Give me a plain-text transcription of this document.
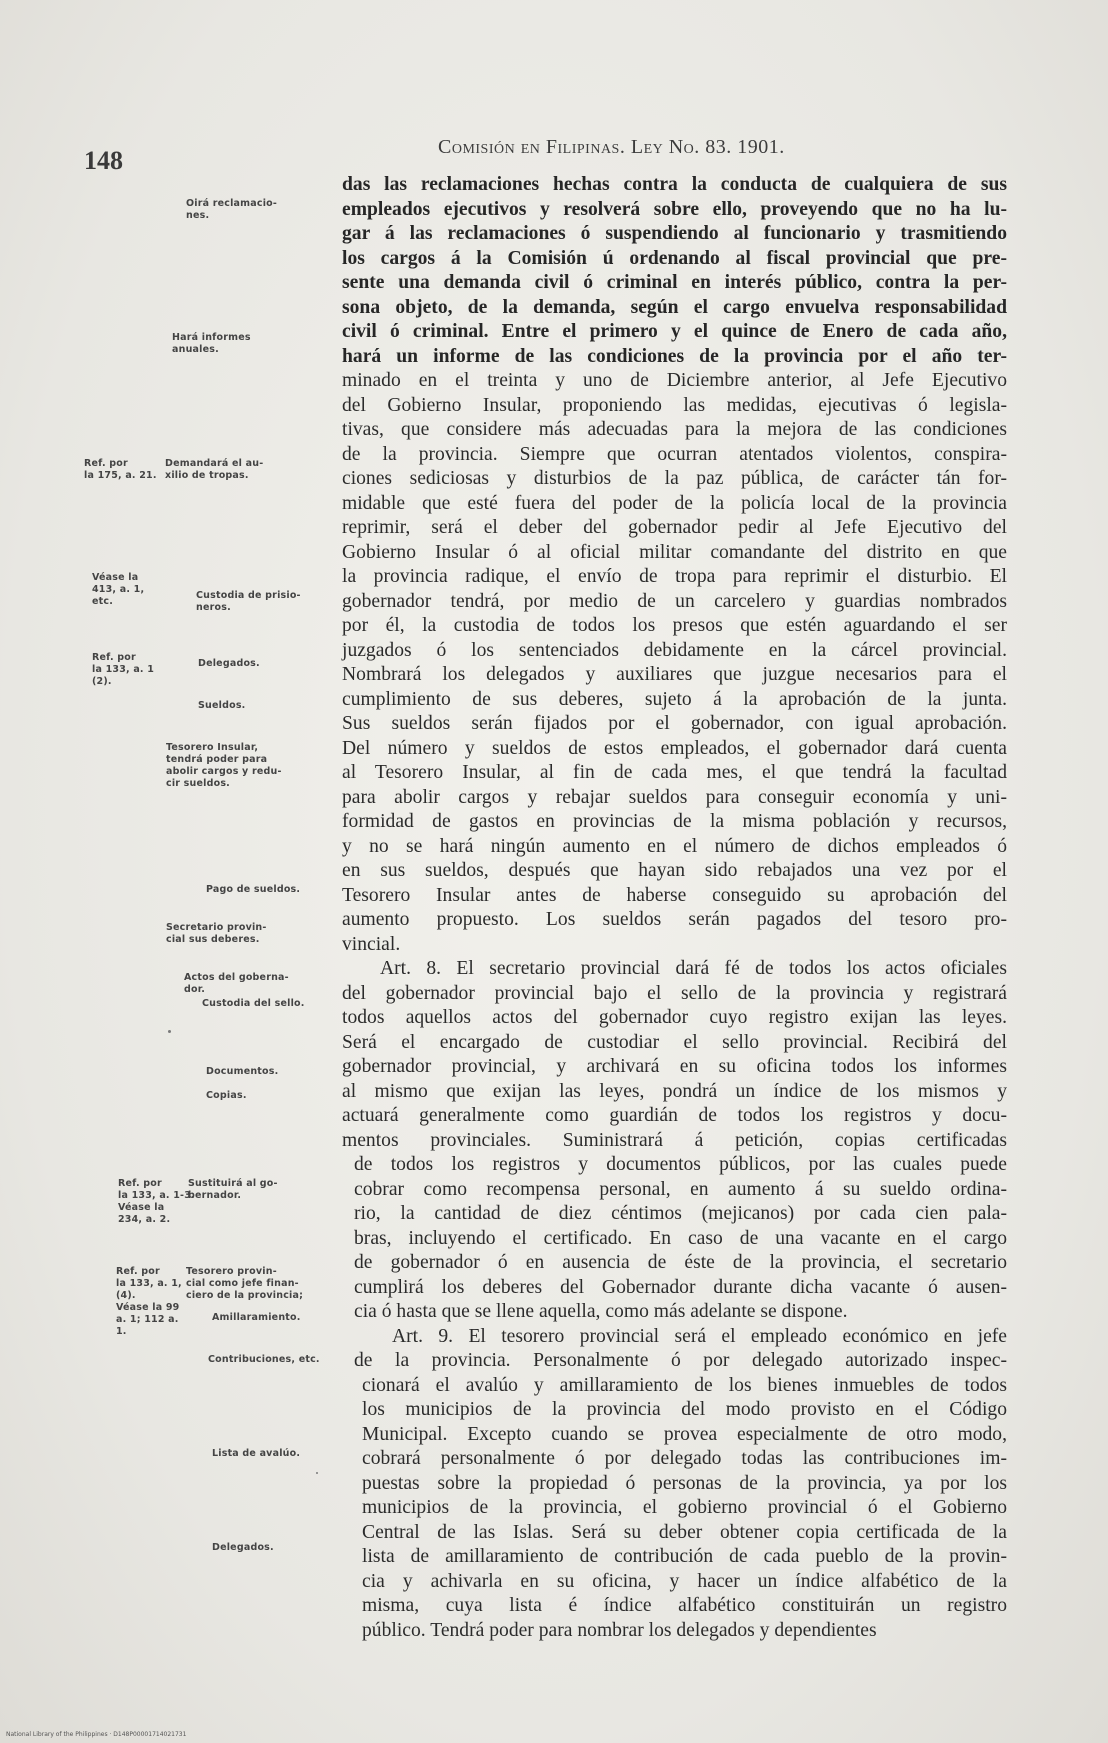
148	Comisión en Filipinas. Ley No. 83. 1901.
das las reclamaciones hechas contra la conducta de cualquiera de sus
empleados ejecutivos y resolverá sobre ello, proveyendo que no ha lu-
gar á las reclamaciones ó suspendiendo al funcionario y trasmitiendo
los cargos á la Comisión ú ordenando al fiscal provincial que pre-
sente una demanda civil ó criminal en interés público, contra la per-
sona objeto, de la demanda, según el cargo envuelva responsabilidad
civil ó criminal. Entre el primero y el quince de Enero de cada año,
hará un informe de las condiciones de la provincia por el año ter-
minado en el treinta y uno de Diciembre anterior, al Jefe Ejecutivo
del Gobierno Insular, proponiendo las medidas, ejecutivas ó legisla-
tivas, que considere más adecuadas para la mejora de las condiciones
de la provincia. Siempre que ocurran atentados violentos, conspira-
ciones sediciosas y disturbios de la paz pública, de carácter tán for-
midable que esté fuera del poder de la policía local de la provincia
reprimir, será el deber del gobernador pedir al Jefe Ejecutivo del
Gobierno Insular ó al oficial militar comandante del distrito en que
la provincia radique, el envío de tropa para reprimir el disturbio. El
gobernador tendrá, por medio de un carcelero y guardias nombrados
por él, la custodia de todos los presos que estén aguardando el ser
juzgados ó los sentenciados debidamente en la cárcel provincial.
Nombrará los delegados y auxiliares que juzgue necesarios para el
cumplimiento de sus deberes, sujeto á la aprobación de la junta.
Sus sueldos serán fijados por el gobernador, con igual aprobación.
Del número y sueldos de estos empleados, el gobernador dará cuenta
al Tesorero Insular, al fin de cada mes, el que tendrá la facultad
para abolir cargos y rebajar sueldos para conseguir economía y uni-
formidad de gastos en provincias de la misma población y recursos,
y no se hará ningún aumento en el número de dichos empleados ó
en sus sueldos, después que hayan sido rebajados una vez por el
Tesorero Insular antes de haberse conseguido su aprobación del
aumento propuesto. Los sueldos serán pagados del tesoro pro-
vincial.
Art. 8. El secretario provincial dará fé de todos los actos oficiales
del gobernador provincial bajo el sello de la provincia y registrará
todos aquellos actos del gobernador cuyo registro exijan las leyes.
Será el encargado de custodiar el sello provincial. Recibirá del
gobernador provincial, y archivará en su oficina todos los informes
al mismo que exijan las leyes, pondrá un índice de los mismos y
actuará generalmente como guardián de todos los registros y docu-
mentos provinciales. Suministrará á petición, copias certificadas
de todos los registros y documentos públicos, por las cuales puede
cobrar como recompensa personal, en aumento á su sueldo ordina-
rio, la cantidad de diez céntimos (mejicanos) por cada cien pala-
bras, incluyendo el certificado. En caso de una vacante en el cargo
de gobernador ó en ausencia de éste de la provincia, el secretario
cumplirá los deberes del Gobernador durante dicha vacante ó ausen-
cia ó hasta que se llene aquella, como más adelante se dispone.
Art. 9. El tesorero provincial será el empleado económico en jefe
de la provincia. Personalmente ó por delegado autorizado inspec-
cionará el avalúo y amillaramiento de los bienes inmuebles de todos
los municipios de la provincia del modo provisto en el Código
Municipal. Excepto cuando se provea especialmente de otro modo,
cobrará personalmente ó por delegado todas las contribuciones im-
puestas sobre la propiedad ó personas de la provincia, ya por los
municipios de la provincia, el gobierno provincial ó el Gobierno
Central de las Islas. Será su deber obtener copia certificada de la
lista de amillaramiento de contribución de cada pueblo de la provin-
cia y achivarla en su oficina, y hacer un índice alfabético de la
misma, cuya lista é índice alfabético constituirán un registro
público. Tendrá poder para nombrar los delegados y dependientes
Oirá reclamacio-
nes.
Hará informes
anuales.
Ref. por
la 175, a. 21.
Demandará el au-
xilio de tropas.
Véase la
413, a. 1,
etc.
Custodia de prisio-
neros.
Ref. por
la 133, a. 1
(2).
Delegados.
Sueldos.
Tesorero Insular,
tendrá poder para
abolir cargos y redu-
cir sueldos.
Pago de sueldos.
Secretario provin-
cial sus deberes.
Actos del goberna-
dor.
Custodia del sello.
Documentos.
Copias.
Ref. por
la 133, a. 1-3.
Véase la
234, a. 2.
Sustituirá al go-
bernador.
Ref. por
la 133, a. 1,
(4).
Véase la 99
a. 1; 112 a.
1.
Tesorero provin-
cial como jefe finan-
ciero de la provincia;
Amillaramiento.
Contribuciones, etc.
Lista de avalúo.
Delegados.
National Library of the Philippines · D148P00001714021731
